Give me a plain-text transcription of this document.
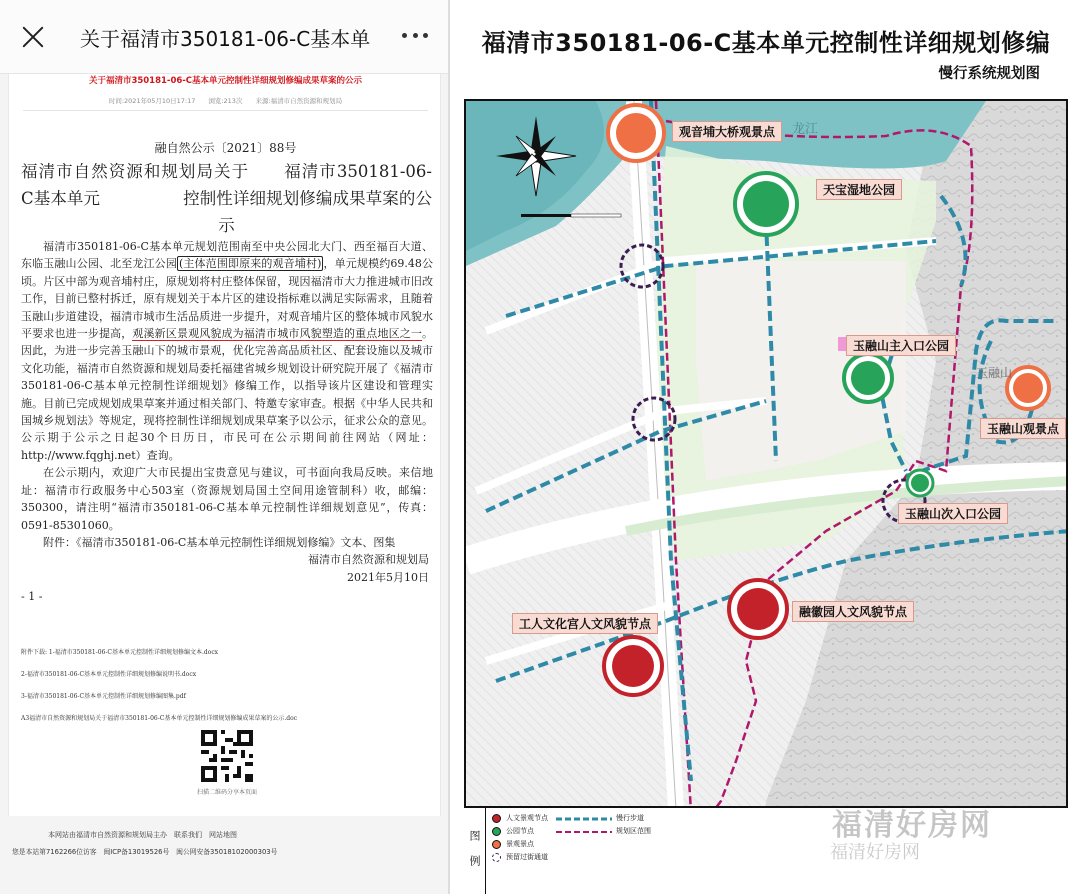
关于福清市350181-06-C基本单
关于福清市350181-06-C基本单元控制性详细规划修编成果草案的公示
时间:2021年05月10日17:17　　浏览:213次　　来源:福清市自然资源和规划局
融自然公示〔2021〕88号
福清市自然资源和规划局关于　　福清市350181-06-
C基本单元　　　　　控制性详细规划修编成果草案的公
示

福清市350181-06-C基本单元规划范围南至中央公园北大门、西至福百大道、东临玉融山公园、北至龙江公园 (主体范围即原来的观音埔村) ，单元规模约69.48公顷。片区中部为观音埔村庄，原规划将村庄整体保留，现因福清市大力推进城市旧改工作，目前已整村拆迁，原有规划关于本片区的建设指标难以满足实际需求，且随着玉融山步道建设，福清市城市生活品质进一步提升，对观音埔片区的整体城市风貌水平要求也进一步提高，观溪新区景观风貌成为福清市城市风貌塑造的重点地区之一。因此，为进一步完善玉融山下的城市景观，优化完善高品质社区、配套设施以及城市文化功能，福清市自然资源和规划局委托福建省城乡规划设计研究院开展了《福清市350181-06-C基本单元控制性详细规划》修编工作，以指导该片区建设和管理实施。目前已完成规划成果草案并通过相关部门、特邀专家审查。根据《中华人民共和国城乡规划法》等规定，现将控制性详细规划成果草案予以公示，征求公众的意见。公示期于公示之日起30个日历日，市民可在公示期间前往网站（网址：http://www.fqghj.net）查询。

在公示期内，欢迎广大市民提出宝贵意见与建议，可书面向我局反映。来信地址：福清市行政服务中心503室（资源规划局国土空间用途管制科）收，邮编：350300，请注明“福清市350181-06-C基本单元控制性详细规划意见”，传真：0591-85301060。

附件：《福清市350181-06-C基本单元控制性详细规划修编》文本、图集

福清市自然资源和规划局
2021年5月10日
- 1 -
附件下载: 1-福清市350181-06-C基本单元控制性详细规划修编文本.docx
2-福清市350181-06-C基本单元控制性详细规划修编说明书.docx
3-福清市350181-06-C基本单元控制性详细规划修编图集.pdf
A3福清市自然资源和规划局关于福清市350181-06-C基本单元控制性详细规划修编成果草案的公示.doc
扫描二维码分享本页面
本网站由福清市自然资源和规划局主办　联系我们　网站地图
您是本站第7162266位访客　闽ICP备13019526号　闽公网安备35018102000303号
福清市350181-06-C基本单元控制性详细规划修编
慢行系统规划图
龙江
玉融山
观音埔大桥观景点
天宝湿地公园
玉融山主入口公园
玉融山观景点
玉融山次入口公园
融徽园人文风貌节点
工人文化宫人文风貌节点
图例
人文景观节点
公园节点
景观景点
预留过街通道
慢行步道
规划区范围	福清好房网
福清好房网
